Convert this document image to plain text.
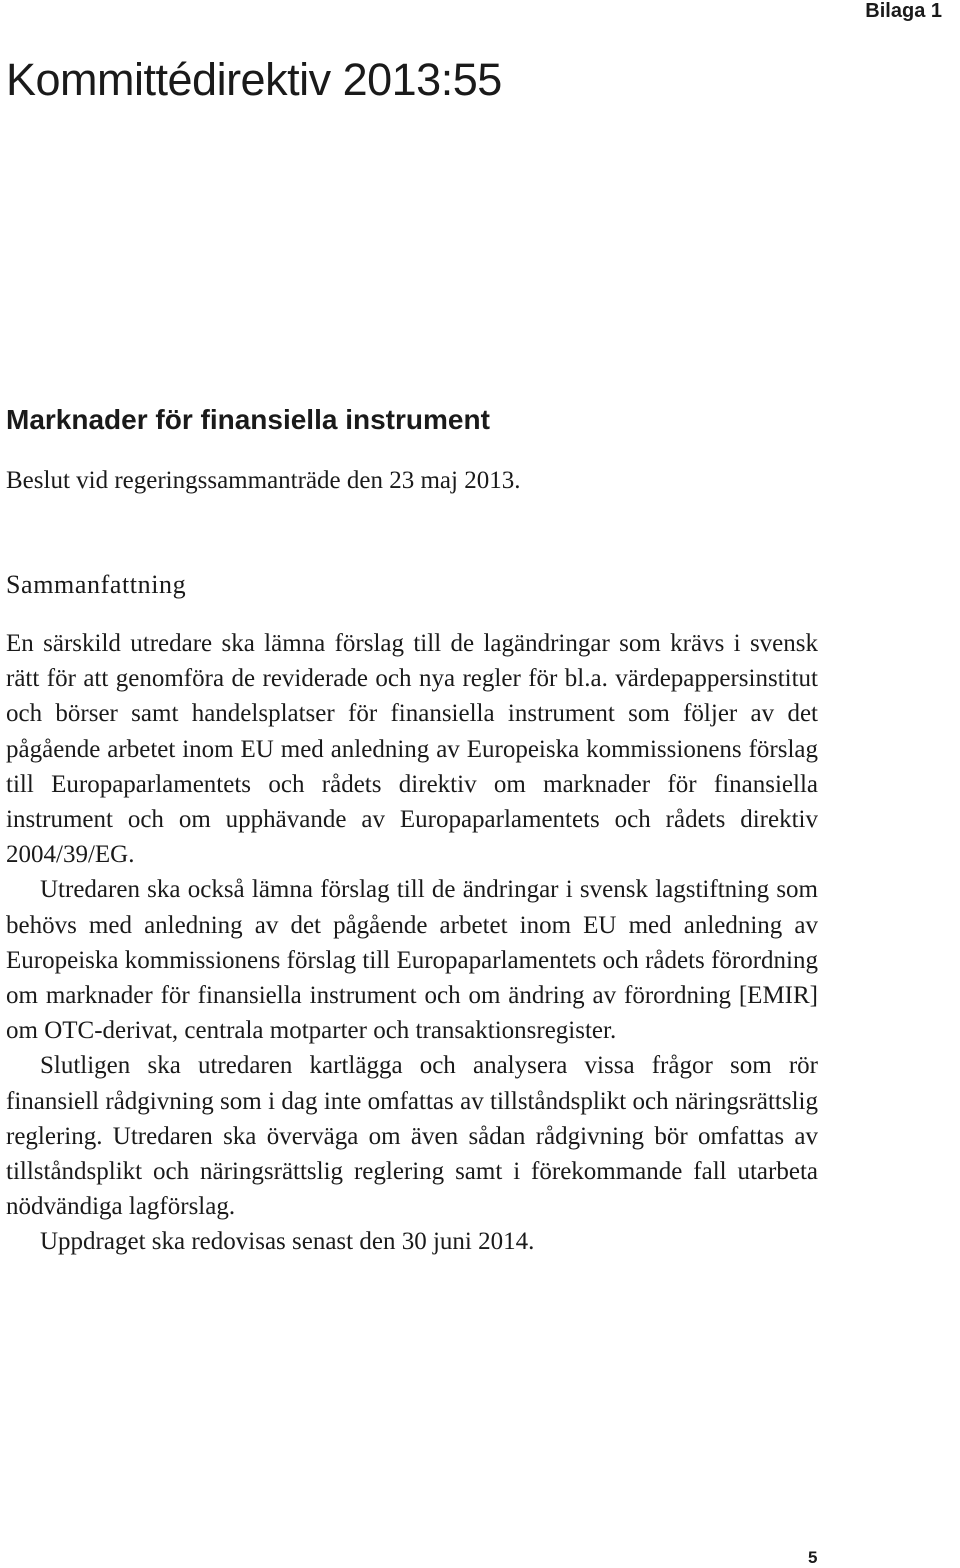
Bilaga 1
Kommittédirektiv 2013:55
Marknader för finansiella instrument

Beslut vid regeringssammanträde den 23 maj 2013.

Sammanfattning

En särskild utredare ska lämna förslag till de lagändringar som krävs i svensk rätt för att genomföra de reviderade och nya regler för bl.a. värdepappersinstitut och börser samt handelsplatser för finansiella instrument som följer av det pågående arbetet inom EU med anledning av Europeiska kommissionens förslag till Europaparlamentets och rådets direktiv om marknader för finansiella instrument och om upphävande av Europaparlamentets och rådets direktiv 2004/39/EG.

Utredaren ska också lämna förslag till de ändringar i svensk lagstiftning som behövs med anledning av det pågående arbetet inom EU med anledning av Europeiska kommissionens förslag till Europaparlamentets och rådets förordning om marknader för finansiella instrument och om ändring av förordning [EMIR] om OTC-derivat, centrala motparter och transaktionsregister.

Slutligen ska utredaren kartlägga och analysera vissa frågor som rör finansiell rådgivning som i dag inte omfattas av tillståndsplikt och näringsrättslig reglering. Utredaren ska överväga om även sådan rådgivning bör omfattas av tillståndsplikt och näringsrättslig reglering samt i förekommande fall utarbeta nödvändiga lagförslag.

Uppdraget ska redovisas senast den 30 juni 2014.

5
